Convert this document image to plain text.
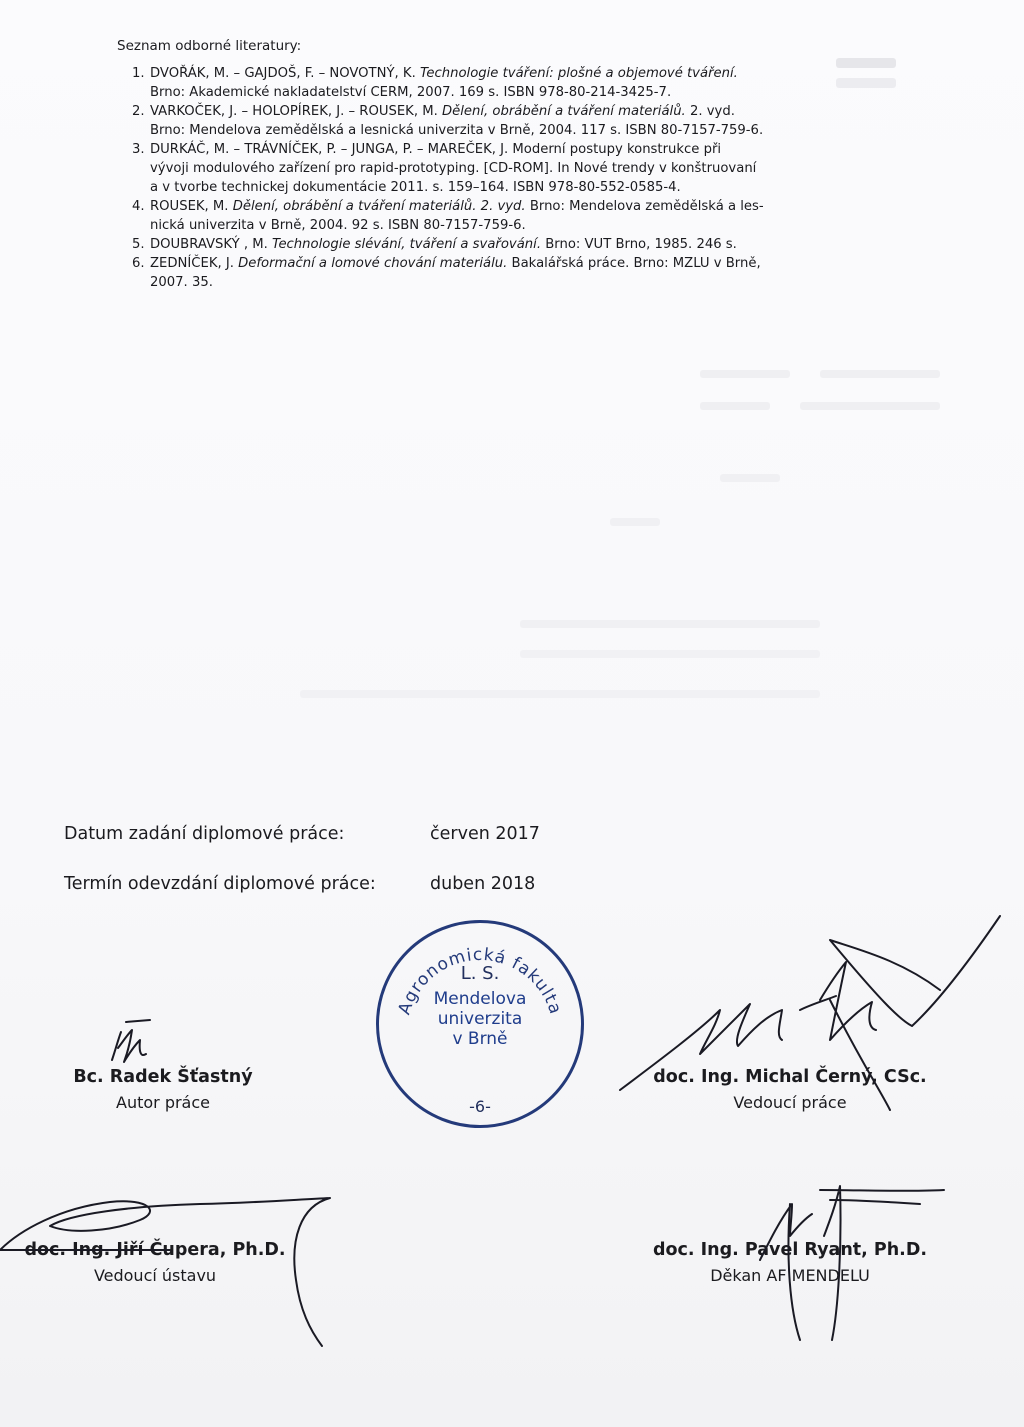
Seznam odborné literatury:
1. DVOŘÁK, M. – GAJDOŠ, F. – NOVOTNÝ, K. Technologie tváření: plošné a objemové tváření.
Brno: Akademické nakladatelství CERM, 2007. 169 s. ISBN 978-80-214-3425-7.
2. VARKOČEK, J. – HOLOPÍREK, J. – ROUSEK, M. Dělení, obrábění a tváření materiálů. 2. vyd.
Brno: Mendelova zemědělská a lesnická univerzita v Brně, 2004. 117 s. ISBN 80-7157-759-6.
3. DURKÁČ, M. – TRÁVNÍČEK, P. – JUNGA, P. – MAREČEK, J. Moderní postupy konstrukce při
vývoji modulového zařízení pro rapid-prototyping. [CD-ROM]. In Nové trendy v konštruovaní
a v tvorbe technickej dokumentácie 2011. s. 159–164. ISBN 978-80-552-0585-4.
4. ROUSEK, M. Dělení, obrábění a tváření materiálů. 2. vyd. Brno: Mendelova zemědělská a les-
nická univerzita v Brně, 2004. 92 s. ISBN 80-7157-759-6.
5. DOUBRAVSKÝ , M. Technologie slévání, tváření a svařování. Brno: VUT Brno, 1985. 246 s.
6. ZEDNÍČEK, J. Deformační a lomové chování materiálu. Bakalářská práce. Brno: MZLU v Brně,
2007. 35.
Datum zadání diplomové práce:	červen 2017
Termín odevzdání diplomové práce:	duben 2018
Agronomická fakulta
L. S.
Mendelova
univerzita
v Brně
-6-
Bc. Radek Šťastný
Autor práce
doc. Ing. Michal Černý, CSc.
Vedoucí práce
doc. Ing. Jiří Čupera, Ph.D.
Vedoucí ústavu
doc. Ing. Pavel Ryant, Ph.D.
Děkan AF MENDELU
